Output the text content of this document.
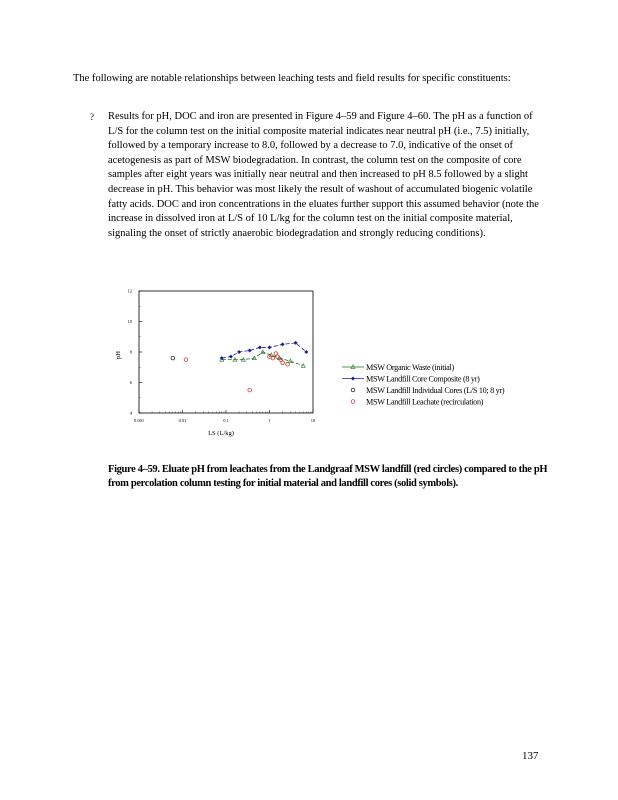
The following are notable relationships between leaching tests and field results for specific constituents:

? Results for pH, DOC and iron are presented in Figure 4–59 and Figure 4–60. The pH as a function of L/S for the column test on the initial composite material indicates near neutral pH (i.e., 7.5) initially, followed by a temporary increase to 8.0, followed by a decrease to 7.0, indicative of the onset of acetogenesis as part of MSW biodegradation. In contrast, the column test on the composite of core samples after eight years was initially near neutral and then increased to pH 8.5 followed by a slight decrease in pH. This behavior was most likely the result of washout of accumulated biogenic volatile fatty acids. DOC and iron concentrations in the eluates further support this assumed behavior (note the increase in dissolved iron at L/S of 10 L/kg for the column test on the initial composite material, signaling the onset of strictly anaerobic biodegradation and strongly reducing conditions).

0.001	0.01	0.1	1	10
4
6
8
10
12
pH
LS (L/kg)
MSW Organic Waste (initial)
MSW Landfill Core Composite (8 yr)
MSW Landfill Individual Cores (L/S 10; 8 yr)
MSW Landfill Leachate (recirculation)

Figure 4–59. Eluate pH from leachates from the Landgraaf MSW landfill (red circles) compared to the pH from percolation column testing for initial material and landfill cores (solid symbols).

137
